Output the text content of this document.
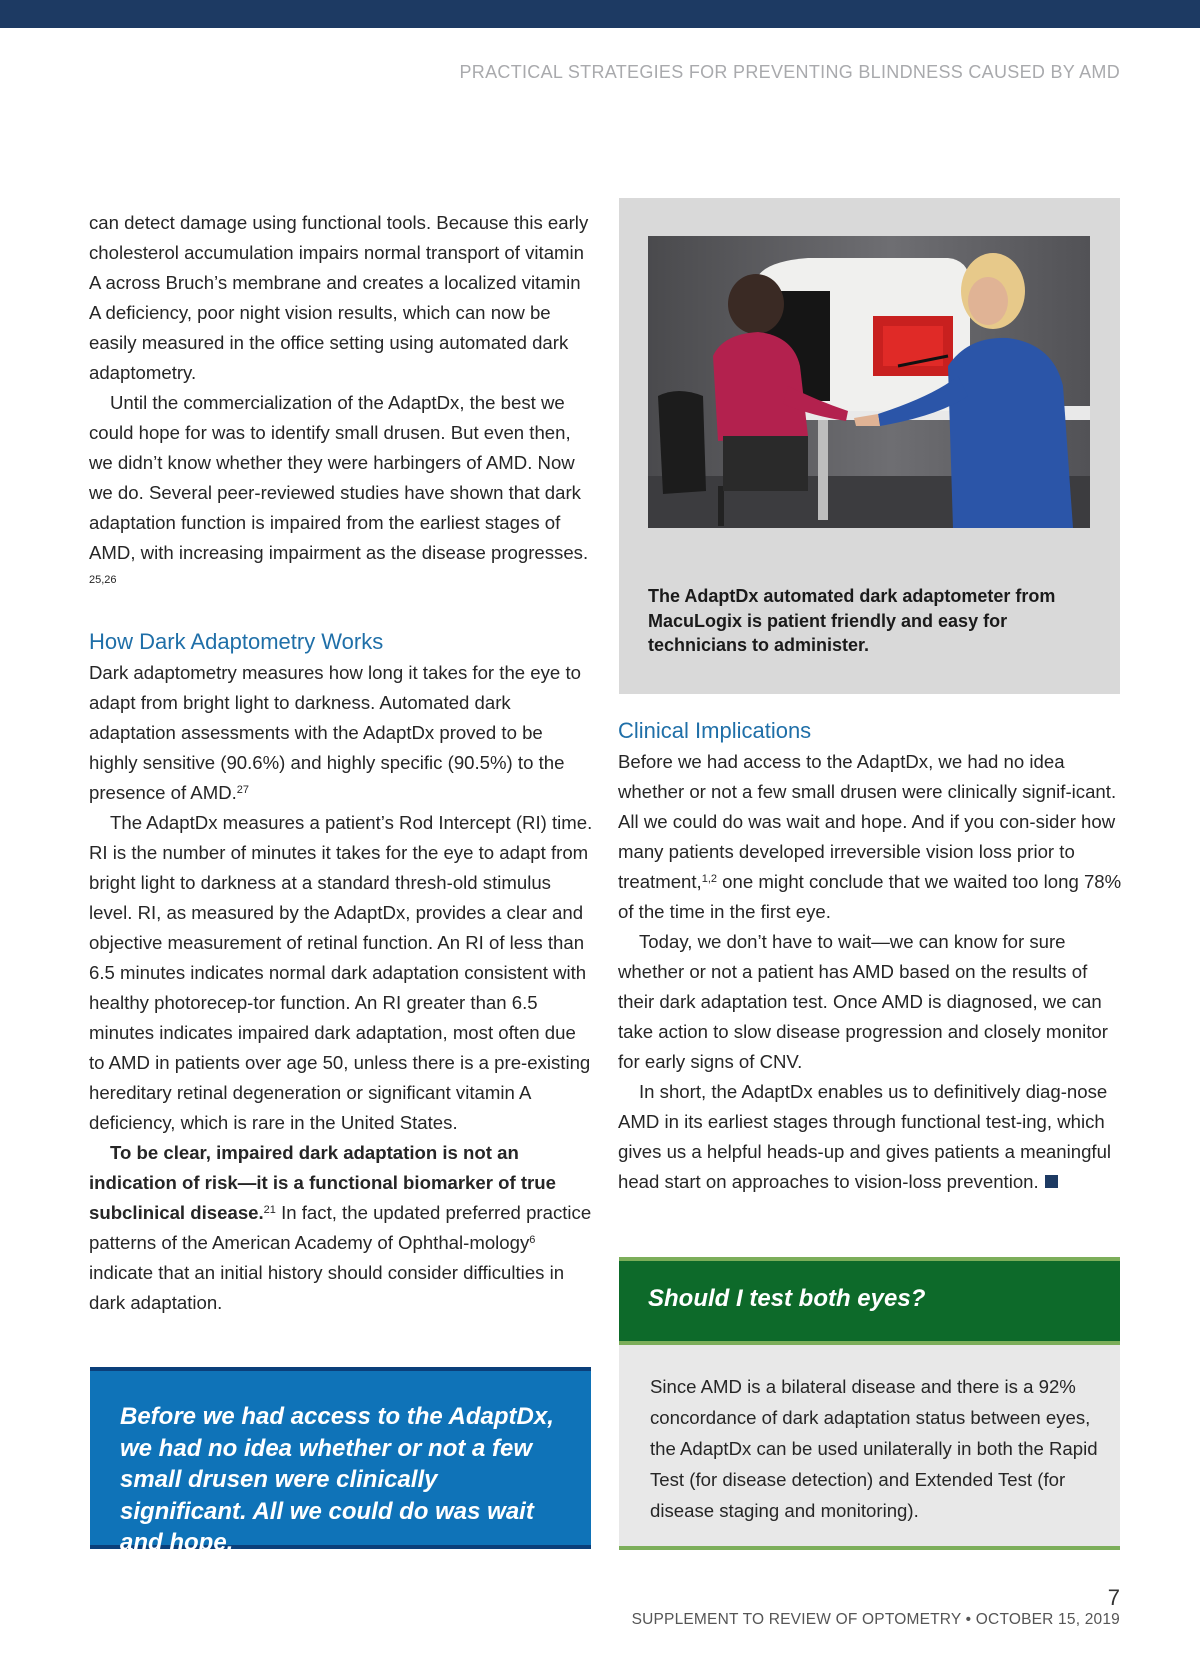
PRACTICAL STRATEGIES FOR PREVENTING BLINDNESS CAUSED BY AMD

can detect damage using functional tools. Because this early cholesterol accumulation impairs normal transport of vitamin A across Bruch’s membrane and creates a localized vitamin A deficiency, poor night vision results, which can now be easily measured in the office setting using automated dark adaptometry.

Until the commercialization of the AdaptDx, the best we could hope for was to identify small drusen. But even then, we didn’t know whether they were harbingers of AMD. Now we do. Several peer-reviewed studies have shown that dark adaptation function is impaired from the earliest stages of AMD, with increasing impairment as the disease progresses. $^{25,26}$

How Dark Adaptometry Works

Dark adaptometry measures how long it takes for the eye to adapt from bright light to darkness. Automated dark adaptation assessments with the AdaptDx proved to be highly sensitive (90.6%) and highly specific (90.5%) to the presence of AMD.$^{27}$

The AdaptDx measures a patient’s Rod Intercept (RI) time. RI is the number of minutes it takes for the eye to adapt from bright light to darkness at a standard thresh-old stimulus level. RI, as measured by the AdaptDx, provides a clear and objective measurement of retinal function. An RI of less than 6.5 minutes indicates normal dark adaptation consistent with healthy photorecep-tor function. An RI greater than 6.5 minutes indicates impaired dark adaptation, most often due to AMD in patients over age 50, unless there is a pre-existing hereditary retinal degeneration or significant vitamin A deficiency, which is rare in the United States.

To be clear, impaired dark adaptation is not an indication of risk—it is a functional biomarker of true subclinical disease.$^{21}$ In fact, the updated preferred practice patterns of the American Academy of Ophthal-mology$^6$ indicate that an initial history should consider difficulties in dark adaptation.

The AdaptDx automated dark adaptometer from MacuLogix is patient friendly and easy for technicians to administer.
Clinical Implications

Before we had access to the AdaptDx, we had no idea whether or not a few small drusen were clinically signif-icant. All we could do was wait and hope. And if you con-sider how many patients developed irreversible vision loss prior to treatment,$^{1,2}$ one might conclude that we waited too long 78% of the time in the first eye.

Today, we don’t have to wait—we can know for sure whether or not a patient has AMD based on the results of their dark adaptation test. Once AMD is diagnosed, we can take action to slow disease progression and closely monitor for early signs of CNV.

In short, the AdaptDx enables us to definitively diag-nose AMD in its earliest stages through functional test-ing, which gives us a helpful heads-up and gives patients a meaningful head start on approaches to vision-loss prevention.

Before we had access to the AdaptDx, we had no idea whether or not a few small drusen were clinically significant. All we could do was wait and hope.
Should I test both eyes?
Since AMD is a bilateral disease and there is a 92% concordance of dark adaptation status between eyes, the AdaptDx can be used unilaterally in both the Rapid Test (for disease detection) and Extended Test (for disease staging and monitoring).
7
SUPPLEMENT TO REVIEW OF OPTOMETRY • OCTOBER 15, 2019
